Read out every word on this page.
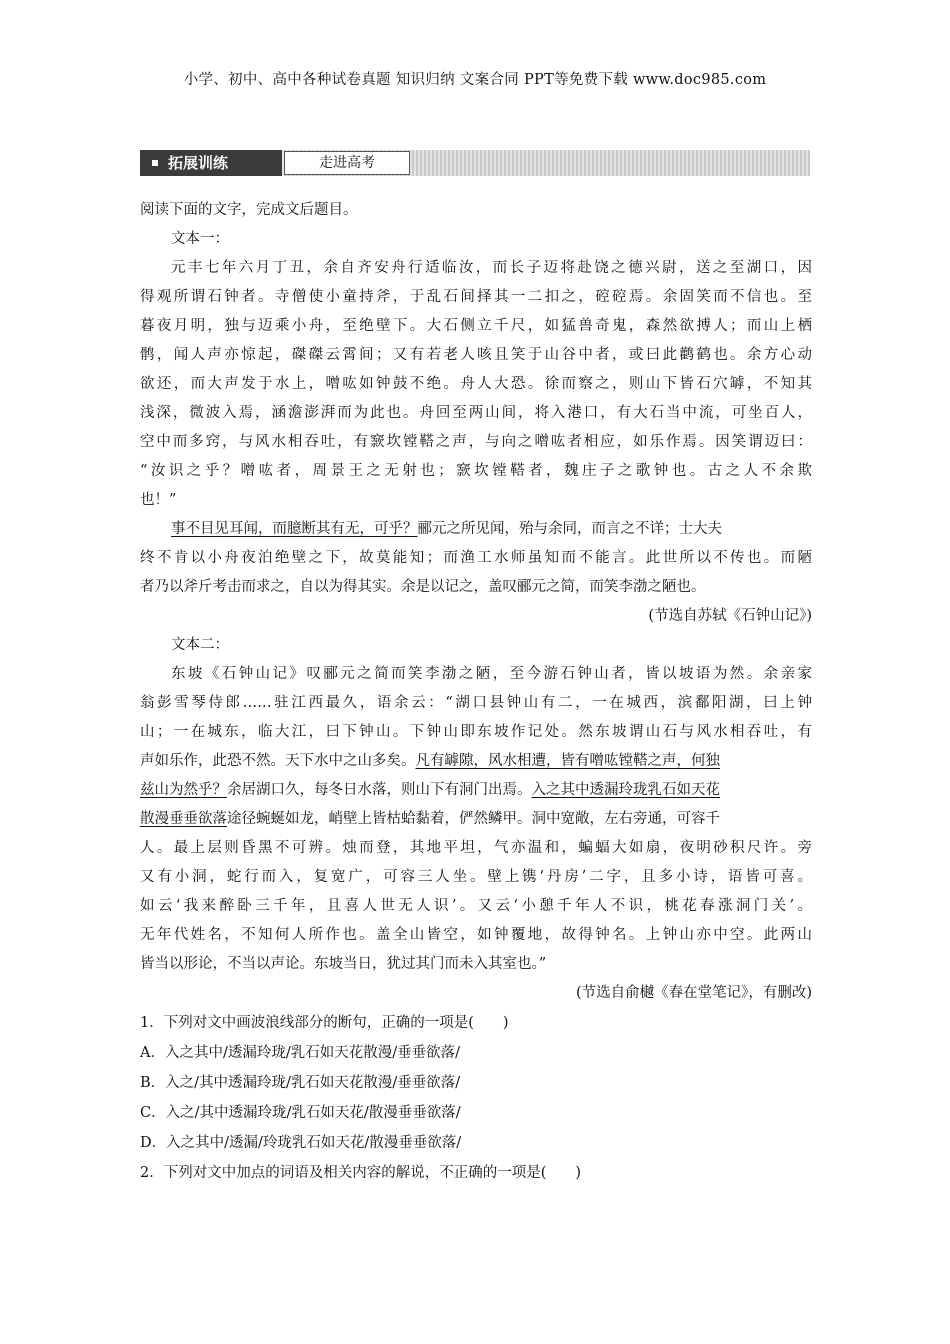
小学、初中、高中各种试卷真题 知识归纳 文案合同 PPT等免费下载 www.doc985.com
拓展训练	走进高考
阅读下面的文字，完成文后题目。
文本一：
元丰七年六月丁丑，余自齐安舟行适临汝，而长子迈将赴饶之德兴尉，送之至湖口，因
得观所谓石钟者。寺僧使小童持斧，于乱石间择其一二扣之，硿硿焉。余固笑而不信也。至
暮夜月明，独与迈乘小舟，至绝壁下。大石侧立千尺，如猛兽奇鬼，森然欲搏人；而山上栖
鹘，闻人声亦惊起，磔磔云霄间；又有若老人咳且笑于山谷中者，或曰此鹳鹤也。余方心动
欲还，而大声发于水上，噌吰如钟鼓不绝。舟人大恐。徐而察之，则山下皆石穴罅，不知其
浅深，微波入焉，涵澹澎湃而为此也。舟回至两山间，将入港口，有大石当中流，可坐百人，
空中而多窍，与风水相吞吐，有窾坎镗鞳之声，与向之噌吰者相应，如乐作焉。因笑谓迈曰：
“汝识之乎？噌吰者，周景王之无射也；窾坎镗鞳者，魏庄子之歌钟也。古之人不余欺
也！”
事不目见耳闻，而臆断其有无，可乎？郦元之所见闻，殆与余同，而言之不详；士大夫
终不肯以小舟夜泊绝壁之下，故莫能知；而渔工水师虽知而不能言。此世所以不传也。而陋
者乃以斧斤考击而求之，自以为得其实。余是以记之，盖叹郦元之简，而笑李渤之陋也。
(节选自苏轼《石钟山记》)
文本二：
东坡《石钟山记》叹郦元之简而笑李渤之陋，至今游石钟山者，皆以坡语为然。余亲家
翁彭雪琴侍郎……驻江西最久，语余云：“湖口县钟山有二，一在城西，滨鄱阳湖，曰上钟
山；一在城东，临大江，曰下钟山。下钟山即东坡作记处。然东坡谓山石与风水相吞吐，有
声如乐作，此恐不然。天下水中之山多矣。凡有罅隙，风水相遭，皆有噌吰镗鞳之声，何独
兹山为然乎？余居湖口久，每冬日水落，则山下有洞门出焉。入之其中透漏玲珑乳石如天花
散漫垂垂欲落途径蜿蜒如龙，峭壁上皆枯蛤黏着，俨然鳞甲。洞中宽敞，左右旁通，可容千
人。最上层则昏黑不可辨。烛而登，其地平坦，气亦温和，蝙蝠大如扇，夜明砂积尺许。旁
又有小洞，蛇行而入，复宽广，可容三人坐。壁上镌‘丹房’二字，且多小诗，语皆可喜。
如云‘我来醉卧三千年，且喜人世无人识’。又云‘小憩千年人不识，桃花春涨洞门关’。
无年代姓名，不知何人所作也。盖全山皆空，如钟覆地，故得钟名。上钟山亦中空。此两山
皆当以形论，不当以声论。东坡当日，犹过其门而未入其室也。”
(节选自俞樾《春在堂笔记》，有删改)
1．下列对文中画波浪线部分的断句，正确的一项是(　　)
A．入之其中/透漏玲珑/乳石如天花散漫/垂垂欲落/
B．入之/其中透漏玲珑/乳石如天花散漫/垂垂欲落/
C．入之/其中透漏玲珑/乳石如天花/散漫垂垂欲落/
D．入之其中/透漏/玲珑乳石如天花/散漫垂垂欲落/
2．下列对文中加点的词语及相关内容的解说，不正确的一项是(　　)
